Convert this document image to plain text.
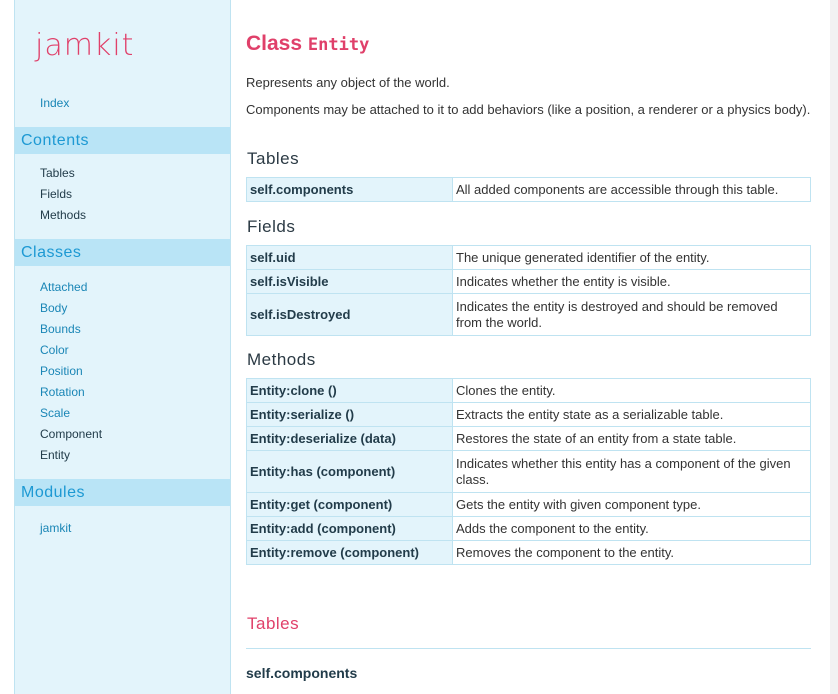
jamkit
Index
Contents
Tables
Fields
Methods
Classes
Attached
Body
Bounds
Color
Position
Rotation
Scale
Component
Entity
Modules
jamkit
Class Entity
Represents any object of the world.
Components may be attached to it to add behaviors (like a position, a renderer or a physics body).
Tables
self.components	All added components are accessible through this table.
Fields
self.uid	The unique generated identifier of the entity.
self.isVisible	Indicates whether the entity is visible.
self.isDestroyed	Indicates the entity is destroyed and should be removed from the world.
Methods
Entity:clone ()	Clones the entity.
Entity:serialize ()	Extracts the entity state as a serializable table.
Entity:deserialize (data)	Restores the state of an entity from a state table.
Entity:has (component)	Indicates whether this entity has a component of the given class.
Entity:get (component)	Gets the entity with given component type.
Entity:add (component)	Adds the component to the entity.
Entity:remove (component)	Removes the component to the entity.
Tables
self.components
